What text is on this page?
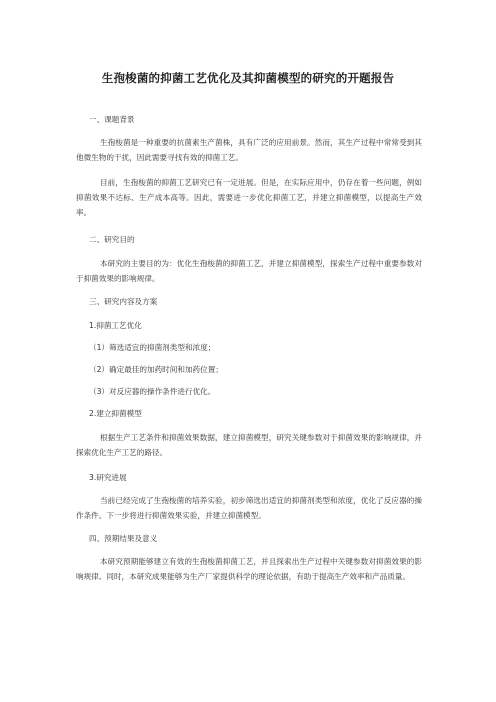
生孢梭菌的抑菌工艺优化及其抑菌模型的研究的开题报告
一、课题背景
生孢梭菌是一种重要的抗菌素生产菌株，具有广泛的应用前景。然而，其生产过程中常常受到其他微生物的干扰，因此需要寻找有效的抑菌工艺。
目前，生孢梭菌的抑菌工艺研究已有一定进展。但是，在实际应用中，仍存在着一些问题，例如抑菌效果不达标、生产成本高等。因此，需要进一步优化抑菌工艺，并建立抑菌模型，以提高生产效率。
二、研究目的
本研究的主要目的为：优化生孢梭菌的抑菌工艺，并建立抑菌模型，探索生产过程中重要参数对于抑菌效果的影响规律。
三、研究内容及方案
1.抑菌工艺优化
（1）筛选适宜的抑菌剂类型和浓度；
（2）确定最佳的加药时间和加药位置；
（3）对反应器的操作条件进行优化。
2.建立抑菌模型
根据生产工艺条件和抑菌效果数据，建立抑菌模型，研究关键参数对于抑菌效果的影响规律，并探索优化生产工艺的路径。
3.研究进展
当前已经完成了生孢梭菌的培养实验，初步筛选出适宜的抑菌剂类型和浓度，优化了反应器的操作条件。下一步将进行抑菌效果实验，并建立抑菌模型。
四、预期结果及意义
本研究预期能够建立有效的生孢梭菌抑菌工艺，并且探索出生产过程中关键参数对抑菌效果的影响规律。同时，本研究成果能够为生产厂家提供科学的理论依据，有助于提高生产效率和产品质量。
